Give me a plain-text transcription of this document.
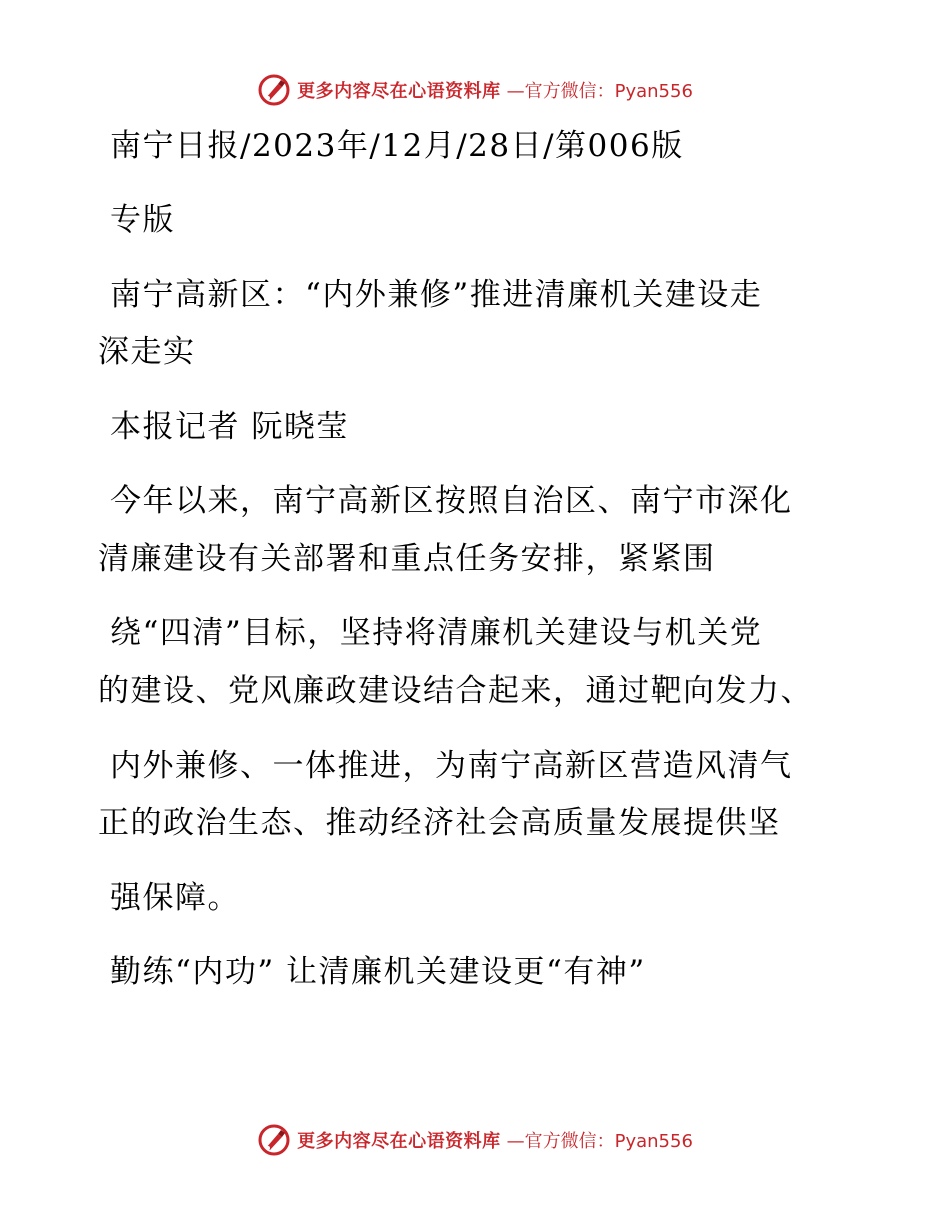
更多内容尽在心语资料库 —官方微信：Pyan556
南宁日报/2023年/12月/28日/第006版
专版
南宁高新区：“内外兼修”推进清廉机关建设走
深走实
本报记者 阮晓莹
今年以来，南宁高新区按照自治区、南宁市深化
清廉建设有关部署和重点任务安排，紧紧围
绕“四清”目标，坚持将清廉机关建设与机关党
的建设、党风廉政建设结合起来，通过靶向发力、
内外兼修、一体推进，为南宁高新区营造风清气
正的政治生态、推动经济社会高质量发展提供坚
强保障。
勤练“内功” 让清廉机关建设更“有神”
更多内容尽在心语资料库 —官方微信：Pyan556
